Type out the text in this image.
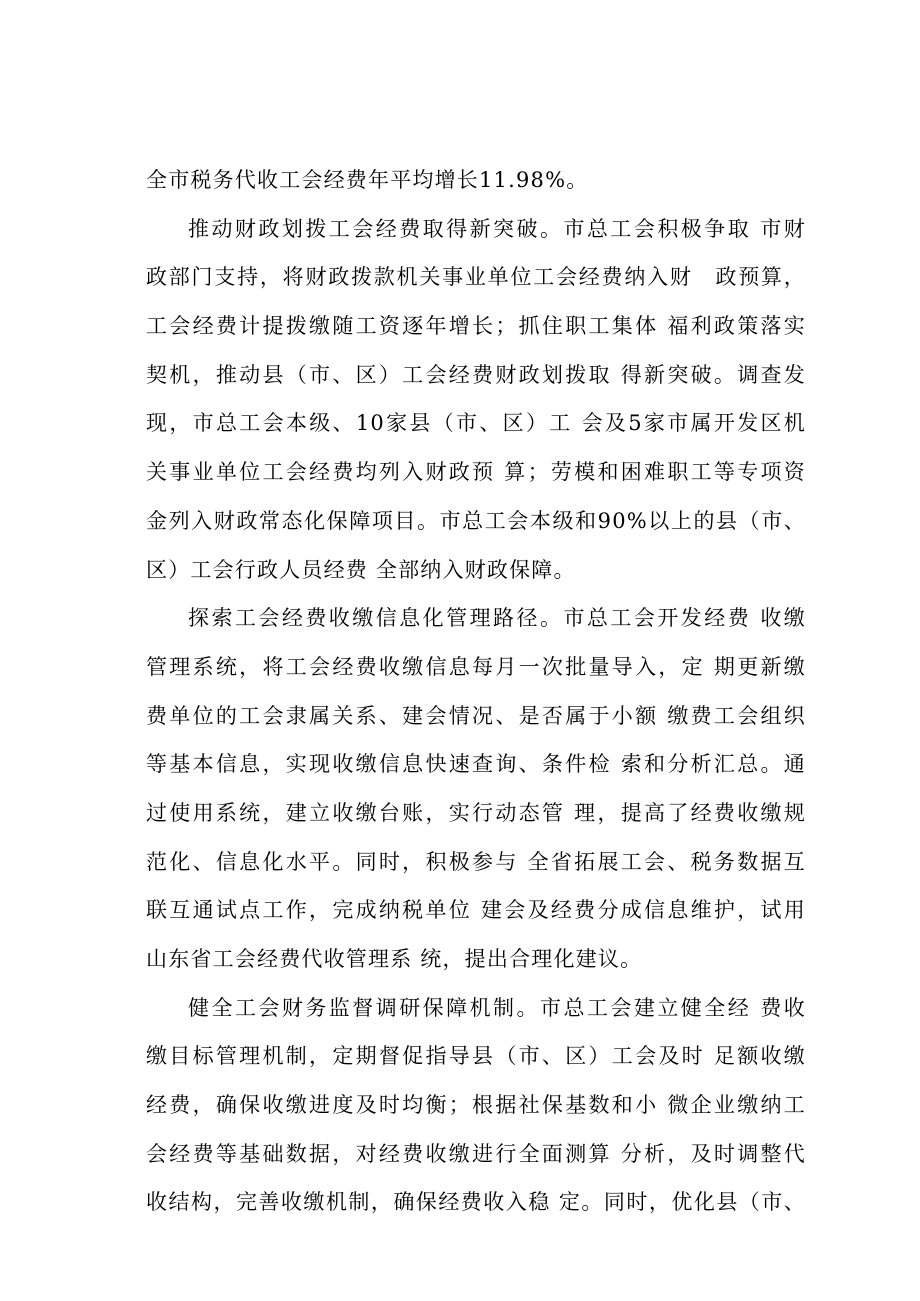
全市税务代收工会经费年平均增长11.98%。
推动财政划拨工会经费取得新突破。市总工会积极争取 市财
政部门支持，将财政拨款机关事业单位工会经费纳入财　政预算，
工会经费计提拨缴随工资逐年增长；抓住职工集体 福利政策落实
契机，推动县（市、区）工会经费财政划拨取 得新突破。调查发
现，市总工会本级、10家县（市、区）工 会及5家市属开发区机
关事业单位工会经费均列入财政预 算；劳模和困难职工等专项资
金列入财政常态化保障项目。市总工会本级和90%以上的县（市、
区）工会行政人员经费 全部纳入财政保障。
探索工会经费收缴信息化管理路径。市总工会开发经费 收缴
管理系统，将工会经费收缴信息每月一次批量导入，定 期更新缴
费单位的工会隶属关系、建会情况、是否属于小额 缴费工会组织
等基本信息，实现收缴信息快速查询、条件检 索和分析汇总。通
过使用系统，建立收缴台账，实行动态管 理，提高了经费收缴规
范化、信息化水平。同时，积极参与 全省拓展工会、税务数据互
联互通试点工作，完成纳税单位 建会及经费分成信息维护，试用
山东省工会经费代收管理系 统，提出合理化建议。
健全工会财务监督调研保障机制。市总工会建立健全经 费收
缴目标管理机制，定期督促指导县（市、区）工会及时 足额收缴
经费，确保收缴进度及时均衡；根据社保基数和小 微企业缴纳工
会经费等基础数据，对经费收缴进行全面测算 分析，及时调整代
收结构，完善收缴机制，确保经费收入稳 定。同时，优化县（市、
